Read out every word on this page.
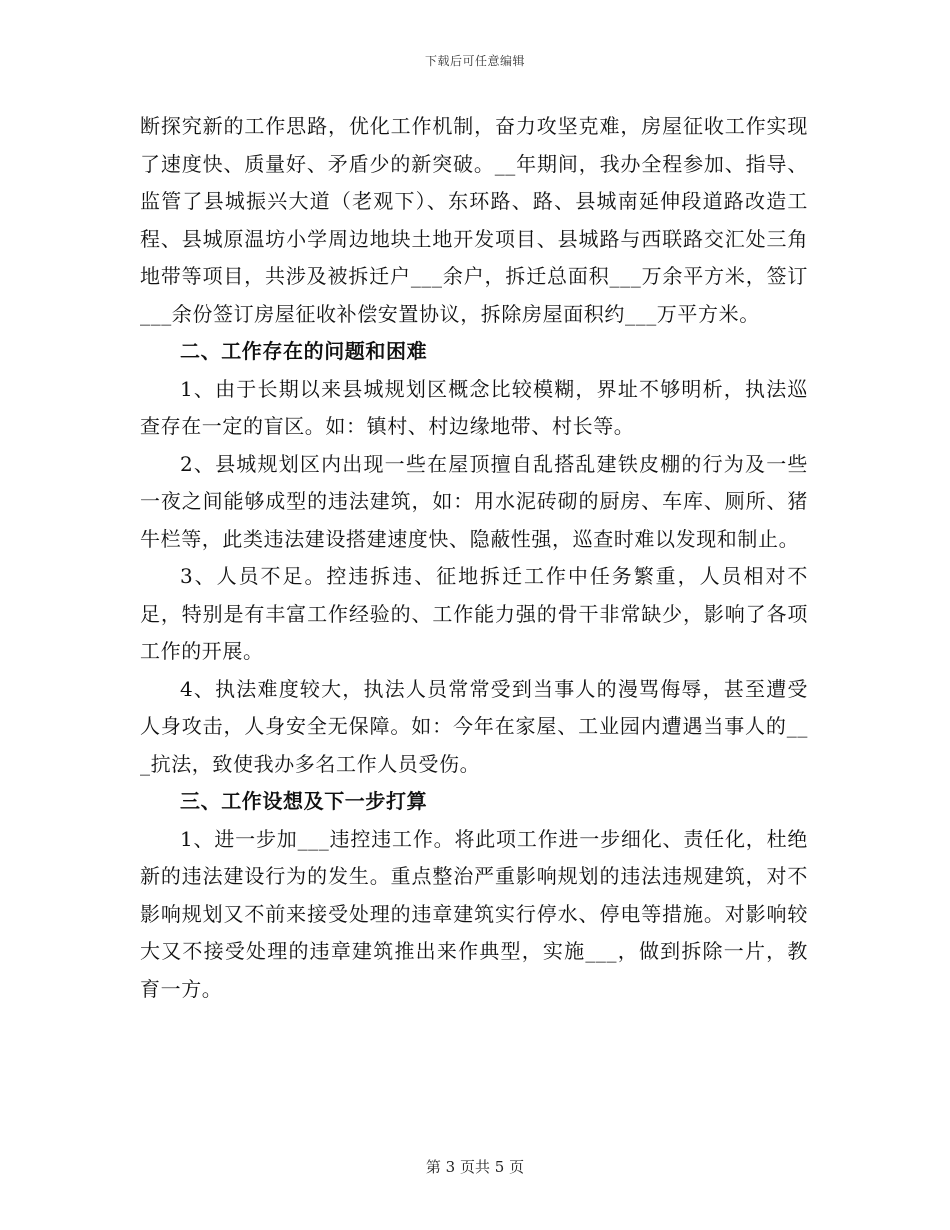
下载后可任意编辑

断探究新的工作思路，优化工作机制，奋力攻坚克难，房屋征收工作实现了速度快、质量好、矛盾少的新突破。__年期间，我办全程参加、指导、监管了县城振兴大道（老观下）、东环路、路、县城南延伸段道路改造工程、县城原温坊小学周边地块土地开发项目、县城路与西联路交汇处三角地带等项目，共涉及被拆迁户___余户，拆迁总面积___万余平方米，签订___余份签订房屋征收补偿安置协议，拆除房屋面积约___万平方米。

二、工作存在的问题和困难

1、由于长期以来县城规划区概念比较模糊，界址不够明析，执法巡查存在一定的盲区。如：镇村、村边缘地带、村长等。

2、县城规划区内出现一些在屋顶擅自乱搭乱建铁皮棚的行为及一些一夜之间能够成型的违法建筑，如：用水泥砖砌的厨房、车库、厕所、猪牛栏等，此类违法建设搭建速度快、隐蔽性强，巡查时难以发现和制止。

3、人员不足。控违拆违、征地拆迁工作中任务繁重，人员相对不足，特别是有丰富工作经验的、工作能力强的骨干非常缺少，影响了各项工作的开展。

4、执法难度较大，执法人员常常受到当事人的漫骂侮辱，甚至遭受人身攻击，人身安全无保障。如：今年在家屋、工业园内遭遇当事人的___抗法，致使我办多名工作人员受伤。

三、工作设想及下一步打算

1、进一步加___违控违工作。将此项工作进一步细化、责任化，杜绝新的违法建设行为的发生。重点整治严重影响规划的违法违规建筑，对不影响规划又不前来接受处理的违章建筑实行停水、停电等措施。对影响较大又不接受处理的违章建筑推出来作典型，实施___，做到拆除一片，教育一方。

第 3 页共 5 页
